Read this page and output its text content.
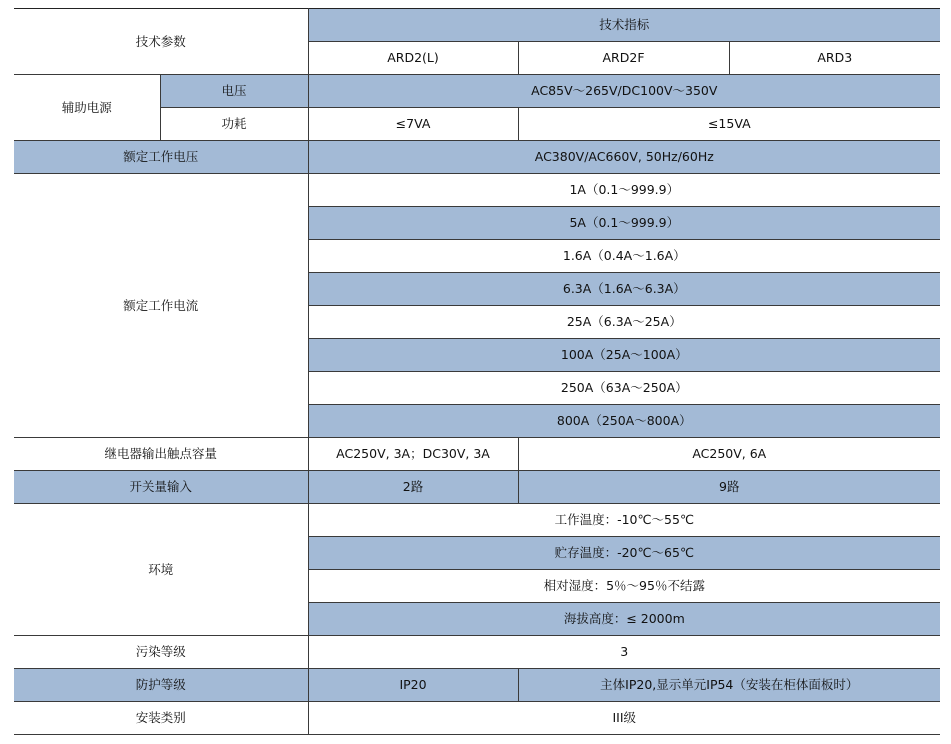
技术参数		技术指标		
		ARD2(L)	ARD2F	ARD3
辅助电源	电压	AC85V～265V/DC100V～350V		
	功耗	≤7VA	≤15VA	
额定工作电压		AC380V/AC660V, 50Hz/60Hz		
额定工作电流		1A（0.1～999.9）		
		5A（0.1～999.9）		
		1.6A（0.4A～1.6A）		
		6.3A（1.6A～6.3A）		
		25A（6.3A～25A）		
		100A（25A～100A）		
		250A（63A～250A）		
		800A（250A～800A）		
继电器输出触点容量		AC250V, 3A；DC30V, 3A	AC250V, 6A	
开关量输入		2路	9路	
环境		工作温度：-10℃～55℃		
		贮存温度：-20℃～65℃		
		相对湿度：5％～95％不结露		
		海拔高度：≤ 2000m		
污染等级		3		
防护等级		IP20	主体IP20,显示单元IP54（安装在柜体面板时）	
安装类别		III级		
